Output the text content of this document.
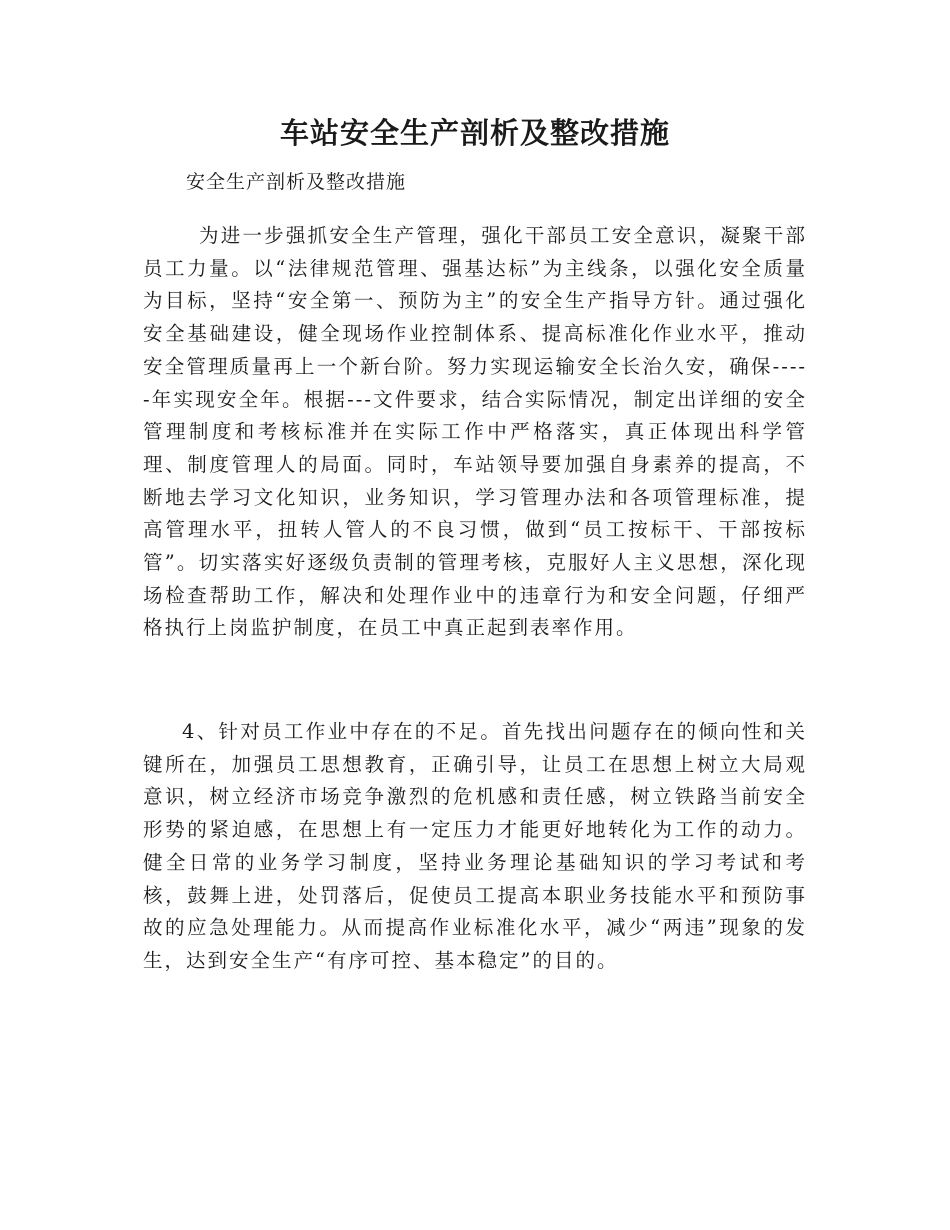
车站安全生产剖析及整改措施

安全生产剖析及整改措施

为进一步强抓安全生产管理，强化干部员工安全意识，凝聚干部员工力量。以“法律规范管理、强基达标”为主线条，以强化安全质量为目标，坚持“安全第一、预防为主”的安全生产指导方针。通过强化安全基础建设，健全现场作业控制体系、提高标准化作业水平，推动安全管理质量再上一个新台阶。努力实现运输安全长治久安，确保-----年实现安全年。根据---文件要求，结合实际情况，制定出详细的安全管理制度和考核标准并在实际工作中严格落实，真正体现出科学管理、制度管理人的局面。同时，车站领导要加强自身素养的提高，不断地去学习文化知识，业务知识，学习管理办法和各项管理标准，提高管理水平，扭转人管人的不良习惯，做到“员工按标干、干部按标管”。切实落实好逐级负责制的管理考核，克服好人主义思想，深化现场检查帮助工作，解决和处理作业中的违章行为和安全问题，仔细严格执行上岗监护制度，在员工中真正起到表率作用。

4、针对员工作业中存在的不足。首先找出问题存在的倾向性和关键所在，加强员工思想教育，正确引导，让员工在思想上树立大局观意识，树立经济市场竞争激烈的危机感和责任感，树立铁路当前安全形势的紧迫感，在思想上有一定压力才能更好地转化为工作的动力。健全日常的业务学习制度，坚持业务理论基础知识的学习考试和考核，鼓舞上进，处罚落后，促使员工提高本职业务技能水平和预防事故的应急处理能力。从而提高作业标准化水平，减少“两违”现象的发生，达到安全生产“有序可控、基本稳定”的目的。
